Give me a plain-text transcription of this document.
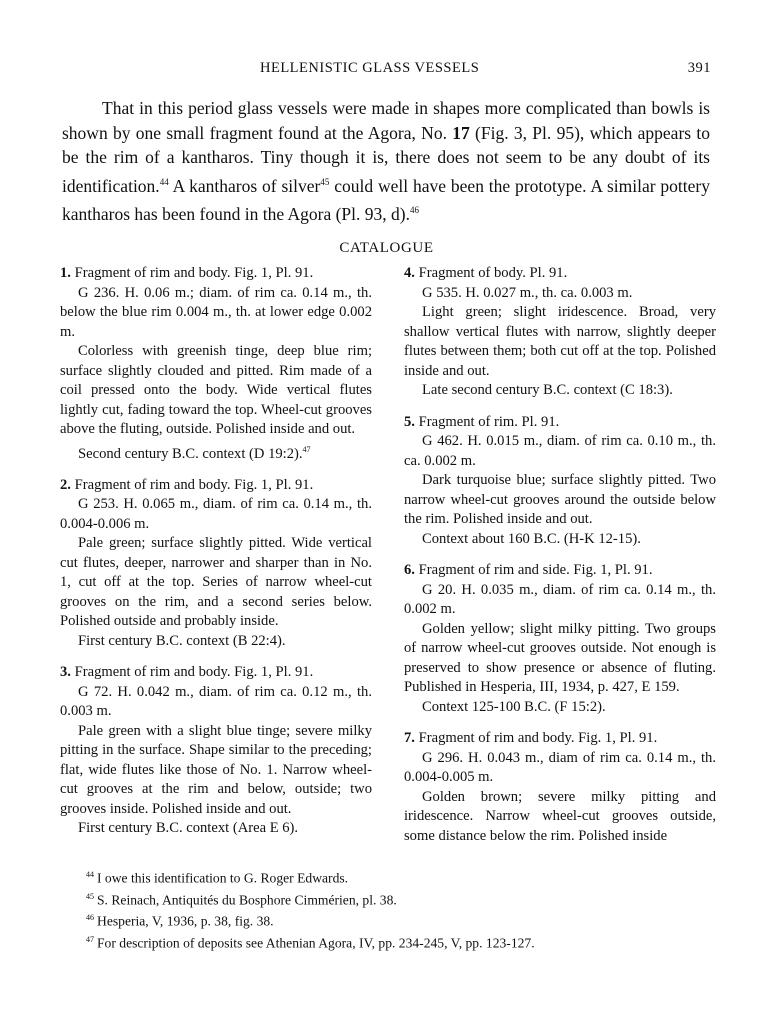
HELLENISTIC GLASS VESSELS	391

That in this period glass vessels were made in shapes more complicated than bowls is shown by one small fragment found at the Agora, No. 17 (Fig. 3, Pl. 95), which appears to be the rim of a kantharos. Tiny though it is, there does not seem to be any doubt of its identification.$^{44}$ A kantharos of silver$^{45}$ could well have been the prototype. A similar pottery kantharos has been found in the Agora (Pl. 93, d).$^{46}$

CATALOGUE

1. Fragment of rim and body. Fig. 1, Pl. 91.

G 236. H. 0.06 m.; diam. of rim ca. 0.14 m., th. below the blue rim 0.004 m., th. at lower edge 0.002 m.

Colorless with greenish tinge, deep blue rim; surface slightly clouded and pitted. Rim made of a coil pressed onto the body. Wide vertical flutes lightly cut, fading toward the top. Wheel-cut grooves above the fluting, outside. Polished inside and out.

Second century B.C. context (D 19:2).$^{47}$

2. Fragment of rim and body. Fig. 1, Pl. 91.

G 253. H. 0.065 m., diam. of rim ca. 0.14 m., th. 0.004-0.006 m.

Pale green; surface slightly pitted. Wide vertical cut flutes, deeper, narrower and sharper than in No. 1, cut off at the top. Series of narrow wheel-cut grooves on the rim, and a second series below. Polished outside and probably inside.

First century B.C. context (B 22:4).

3. Fragment of rim and body. Fig. 1, Pl. 91.

G 72. H. 0.042 m., diam. of rim ca. 0.12 m., th. 0.003 m.

Pale green with a slight blue tinge; severe milky pitting in the surface. Shape similar to the preceding; flat, wide flutes like those of No. 1. Narrow wheel-cut grooves at the rim and below, outside; two grooves inside. Polished inside and out.

First century B.C. context (Area E 6).

4. Fragment of body. Pl. 91.

G 535. H. 0.027 m., th. ca. 0.003 m.

Light green; slight iridescence. Broad, very shallow vertical flutes with narrow, slightly deeper flutes between them; both cut off at the top. Polished inside and out.

Late second century B.C. context (C 18:3).

5. Fragment of rim. Pl. 91.

G 462. H. 0.015 m., diam. of rim ca. 0.10 m., th. ca. 0.002 m.

Dark turquoise blue; surface slightly pitted. Two narrow wheel-cut grooves around the outside below the rim. Polished inside and out.

Context about 160 B.C. (H-K 12-15).

6. Fragment of rim and side. Fig. 1, Pl. 91.

G 20. H. 0.035 m., diam. of rim ca. 0.14 m., th. 0.002 m.

Golden yellow; slight milky pitting. Two groups of narrow wheel-cut grooves outside. Not enough is preserved to show presence or absence of fluting. Published in Hesperia, III, 1934, p. 427, E 159.

Context 125-100 B.C. (F 15:2).

7. Fragment of rim and body. Fig. 1, Pl. 91.

G 296. H. 0.043 m., diam of rim ca. 0.14 m., th. 0.004-0.005 m.

Golden brown; severe milky pitting and iridescence. Narrow wheel-cut grooves outside, some distance below the rim. Polished inside

$^{44}$ I owe this identification to G. Roger Edwards.

$^{45}$ S. Reinach, Antiquités du Bosphore Cimmérien, pl. 38.

$^{46}$ Hesperia, V, 1936, p. 38, fig. 38.

$^{47}$ For description of deposits see Athenian Agora, IV, pp. 234-245, V, pp. 123-127.
